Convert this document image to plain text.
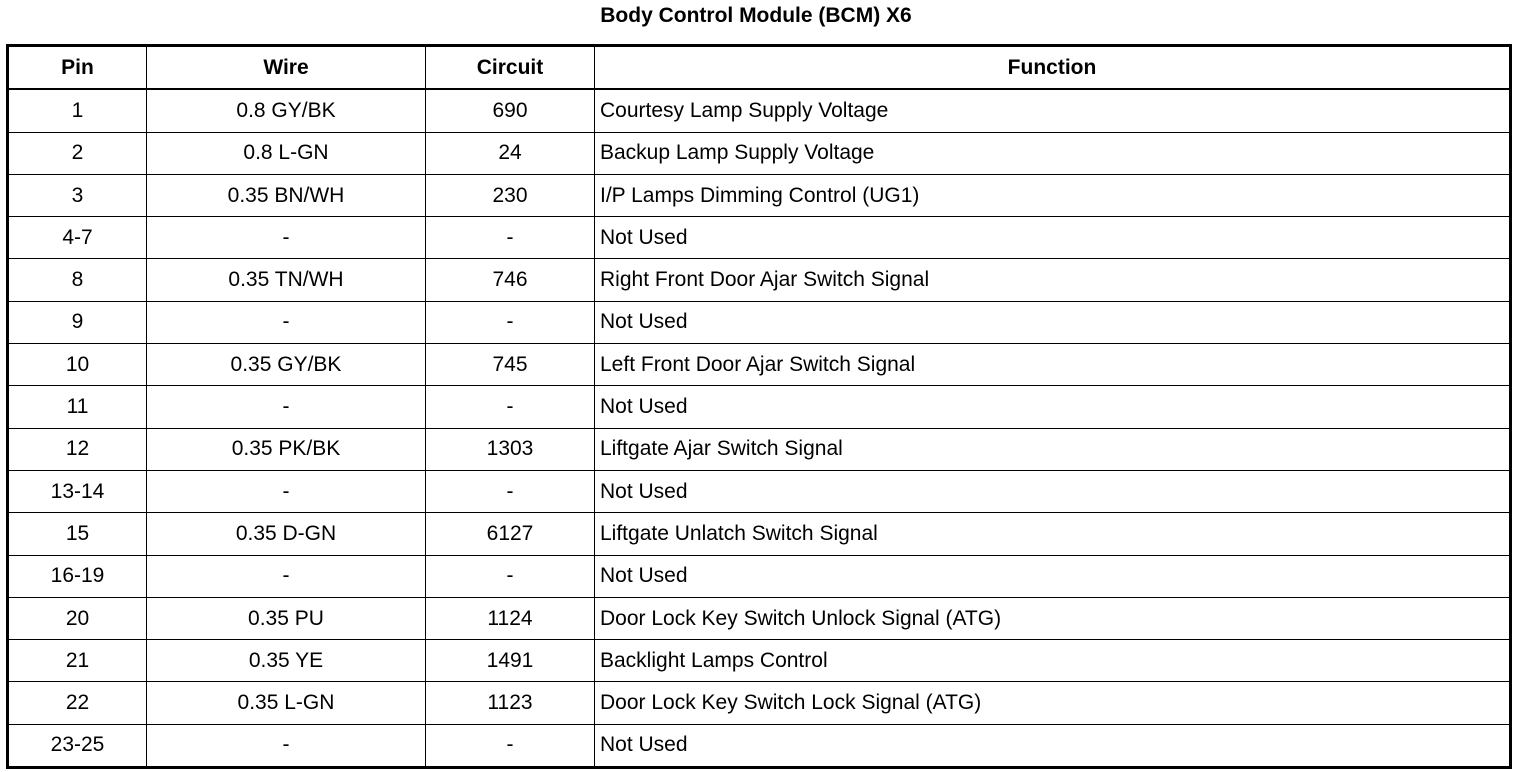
Body Control Module (BCM) X6
Pin	Wire	Circuit	Function
1	0.8 GY/BK	690	Courtesy Lamp Supply Voltage
2	0.8 L-GN	24	Backup Lamp Supply Voltage
3	0.35 BN/WH	230	I/P Lamps Dimming Control (UG1)
4-7	-	-	Not Used
8	0.35 TN/WH	746	Right Front Door Ajar Switch Signal
9	-	-	Not Used
10	0.35 GY/BK	745	Left Front Door Ajar Switch Signal
11	-	-	Not Used
12	0.35 PK/BK	1303	Liftgate Ajar Switch Signal
13-14	-	-	Not Used
15	0.35 D-GN	6127	Liftgate Unlatch Switch Signal
16-19	-	-	Not Used
20	0.35 PU	1124	Door Lock Key Switch Unlock Signal (ATG)
21	0.35 YE	1491	Backlight Lamps Control
22	0.35 L-GN	1123	Door Lock Key Switch Lock Signal (ATG)
23-25	-	-	Not Used
